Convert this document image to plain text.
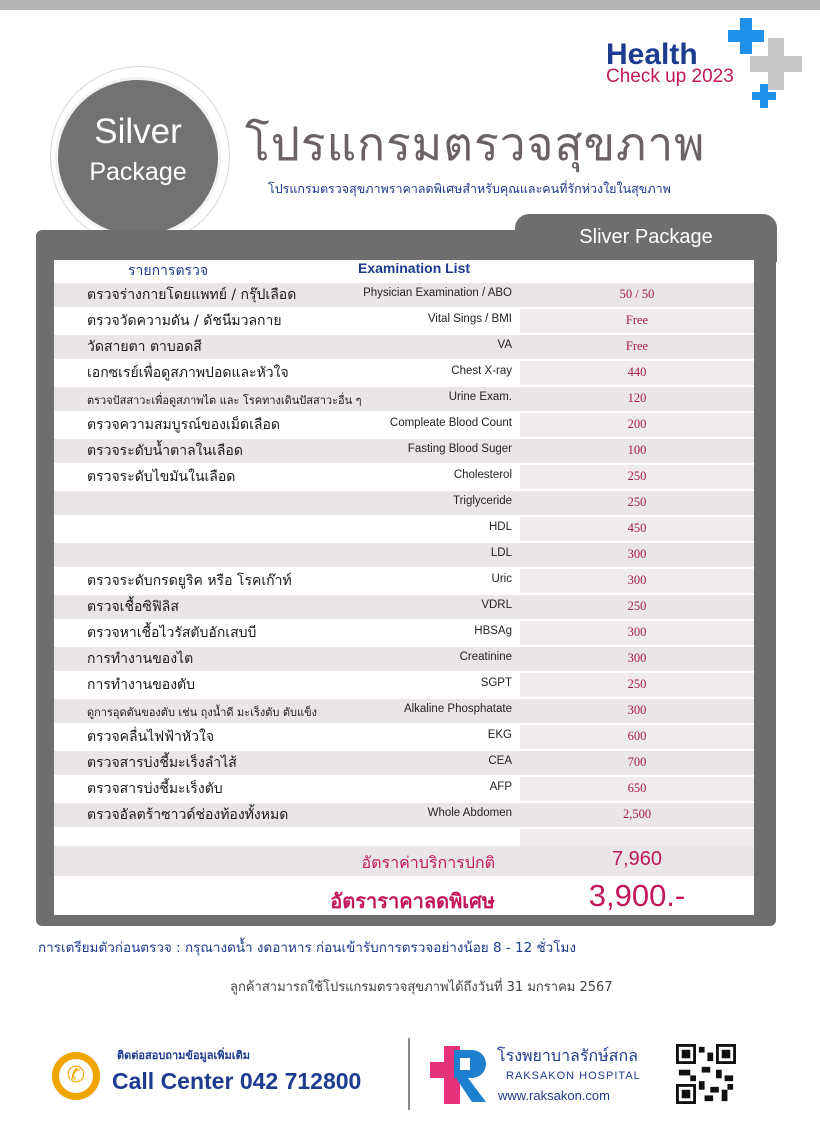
Health
Check up 2023
Silver
Package
โปรแกรมตรวจสุขภาพ
โปรแกรมตรวจสุขภาพราคาลดพิเศษสำหรับคุณและคนที่รักห่วงใยในสุขภาพ
Sliver Package
รายการตรวจ	Examination List
ตรวจร่างกายโดยแพทย์ / กรุ๊ปเลือด	Physician Examination / ABO	50 / 50
ตรวจวัดความดัน / ดัชนีมวลกาย	Vital Sings / BMI	Free
วัดสายตา ตาบอดสี	VA	Free
เอกซเรย์เพื่อดูสภาพปอดและหัวใจ	Chest X-ray	440
ตรวจปัสสาวะเพื่อดูสภาพไต และ โรคทางเดินปัสสาวะอื่น ๆ	Urine Exam.	120
ตรวจความสมบูรณ์ของเม็ดเลือด	Compleate Blood Count	200
ตรวจระดับน้ำตาลในเลือด	Fasting Blood Suger	100
ตรวจระดับไขมันในเลือด	Cholesterol	250
Triglyceride	250
HDL	450
LDL	300
ตรวจระดับกรดยูริค หรือ โรคเก๊าท์	Uric	300
ตรวจเชื้อซิฟิลิส	VDRL	250
ตรวจหาเชื้อไวรัสตับอักเสบบี	HBSAg	300
การทำงานของไต	Creatinine	300
การทำงานของตับ	SGPT	250
ดูการอุดตันของตับ เช่น ถุงน้ำดี มะเร็งตับ ตับแข็ง	Alkaline Phosphatate	300
ตรวจคลื่นไฟฟ้าหัวใจ	EKG	600
ตรวจสารบ่งชี้มะเร็งลำไส้	CEA	700
ตรวจสารบ่งชี้มะเร็งตับ	AFP	650
ตรวจอัลตร้าซาวด์ช่องท้องทั้งหมด	Whole Abdomen	2,500
อัตราค่าบริการปกติ	7,960
อัตราราคาลดพิเศษ	3,900.-
การเตรียมตัวก่อนตรวจ : กรุณางดน้ำ งดอาหาร ก่อนเข้ารับการตรวจอย่างน้อย 8 - 12 ชั่วโมง
ลูกค้าสามารถใช้โปรแกรมตรวจสุขภาพได้ถึงวันที่ 31 มกราคม 2567
✆
ติดต่อสอบถามข้อมูลเพิ่มเติม
Call Center 042 712800
โรงพยาบาลรักษ์สกล
RAKSAKON HOSPITAL
www.raksakon.com
